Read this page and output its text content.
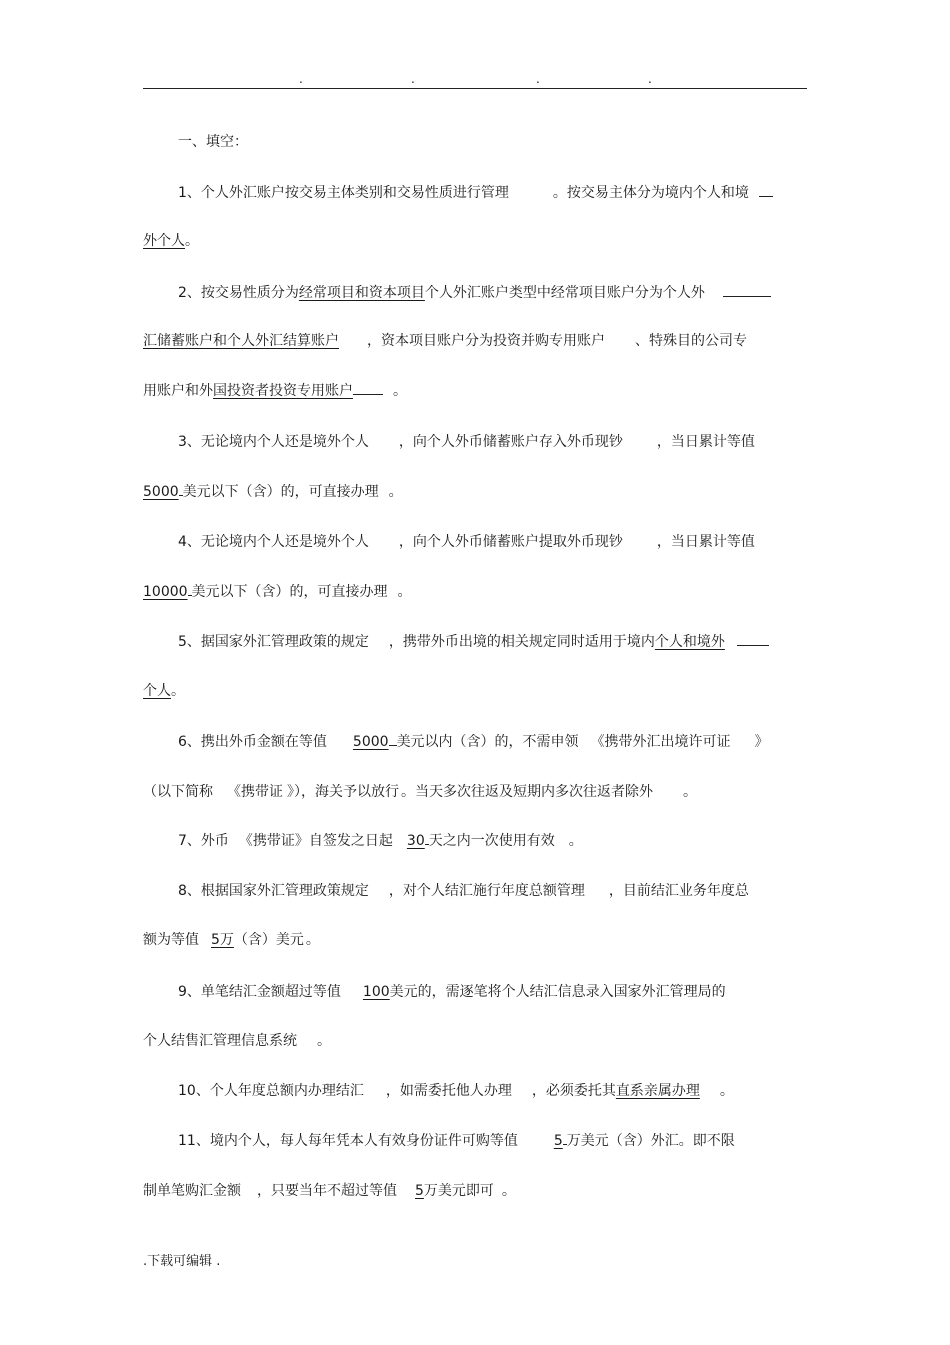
.	.	.	.
一、填空：
1、个人外汇账户按交易主体类别和交易性质进行管理	。按交易主体分为境内个人和境
外个人。
2、按交易性质分为经常项目和资本项目个人外汇账户类型中经常项目账户分为个人外
汇储蓄账户和个人外汇结算账户 ，资本项目账户分为投资并购专用账户 、特殊目的公司专
用账户和外国投资者投资专用账户	。
3、无论境内个人还是境外个人 ，向个人外币储蓄账户存入外币现钞 ，当日累计等值
5000 美元以下（含）的，可直接办理 。
4、无论境内个人还是境外个人 ，向个人外币储蓄账户提取外币现钞 ，当日累计等值
10000 美元以下（含）的，可直接办理 。
5、据国家外汇管理政策的规定 ，携带外币出境的相关规定同时适用于境内个人和境外
个人。
6、携出外币金额在等值 5000 美元以内（含）的，不需申领 《携带外汇出境许可证 》
（以下简称 《携带证 》），海关予以放行 。当天多次往返及短期内多次往返者除外 。
7、外币 《携带证》自签发之日起 30 天之内一次使用有效 。
8、根据国家外汇管理政策规定 ，对个人结汇施行年度总额管理 ，目前结汇业务年度总
额为等值 5万（含）美元 。
9、单笔结汇金额超过等值 100美元的，需逐笔将个人结汇信息录入国家外汇管理局的
个人结售汇管理信息系统 。
10、个人年度总额内办理结汇 ，如需委托他人办理 ，必须委托其直系亲属办理 。
11、境内个人，每人每年凭本人有效身份证件可购等值	5 万美元（含）外汇。即不限
制单笔购汇金额 ，只要当年不超过等值 5万美元即可 。
.下载可编辑 .
